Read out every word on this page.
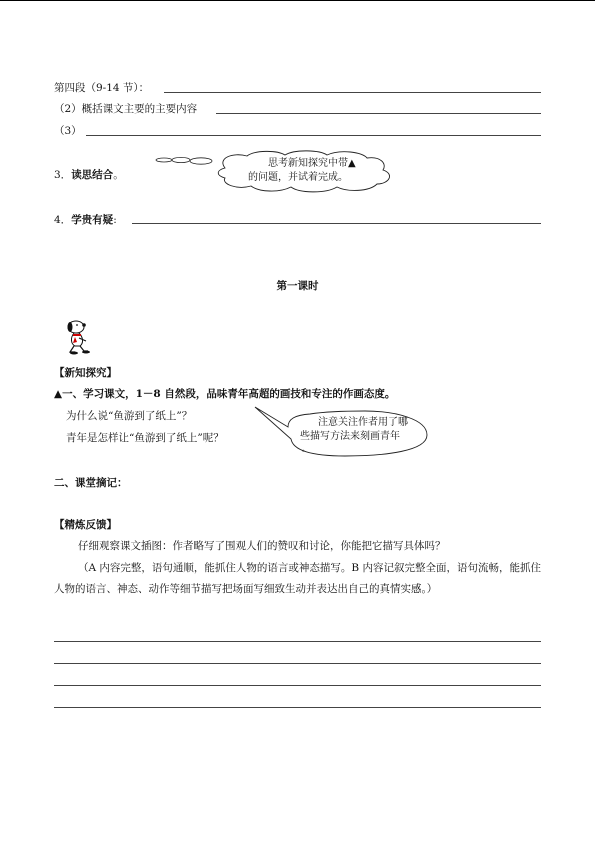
第四段（9-14 节）：
（2）概括课文主要的主要内容
（3）
思考新知探究中带▲
的问题，并试着完成。
3．读思结合。
4．学贵有疑:
第一课时
【新知探究】
▲一、学习课文，1－8 自然段，品味青年高超的画技和专注的作画态度。
为什么说“鱼游到了纸上”？
青年是怎样让“鱼游到了纸上”呢？
注意关注作者用了哪
些描写方法来刻画青年
。
二、课堂摘记：
【精炼反馈】
仔细观察课文插图：作者略写了围观人们的赞叹和讨论，你能把它描写具体吗？
（A 内容完整，语句通顺，能抓住人物的语言或神态描写。B 内容记叙完整全面，语句流畅，能抓住人物的语言、神态、动作等细节描写把场面写细致生动并表达出自己的真情实感。）
